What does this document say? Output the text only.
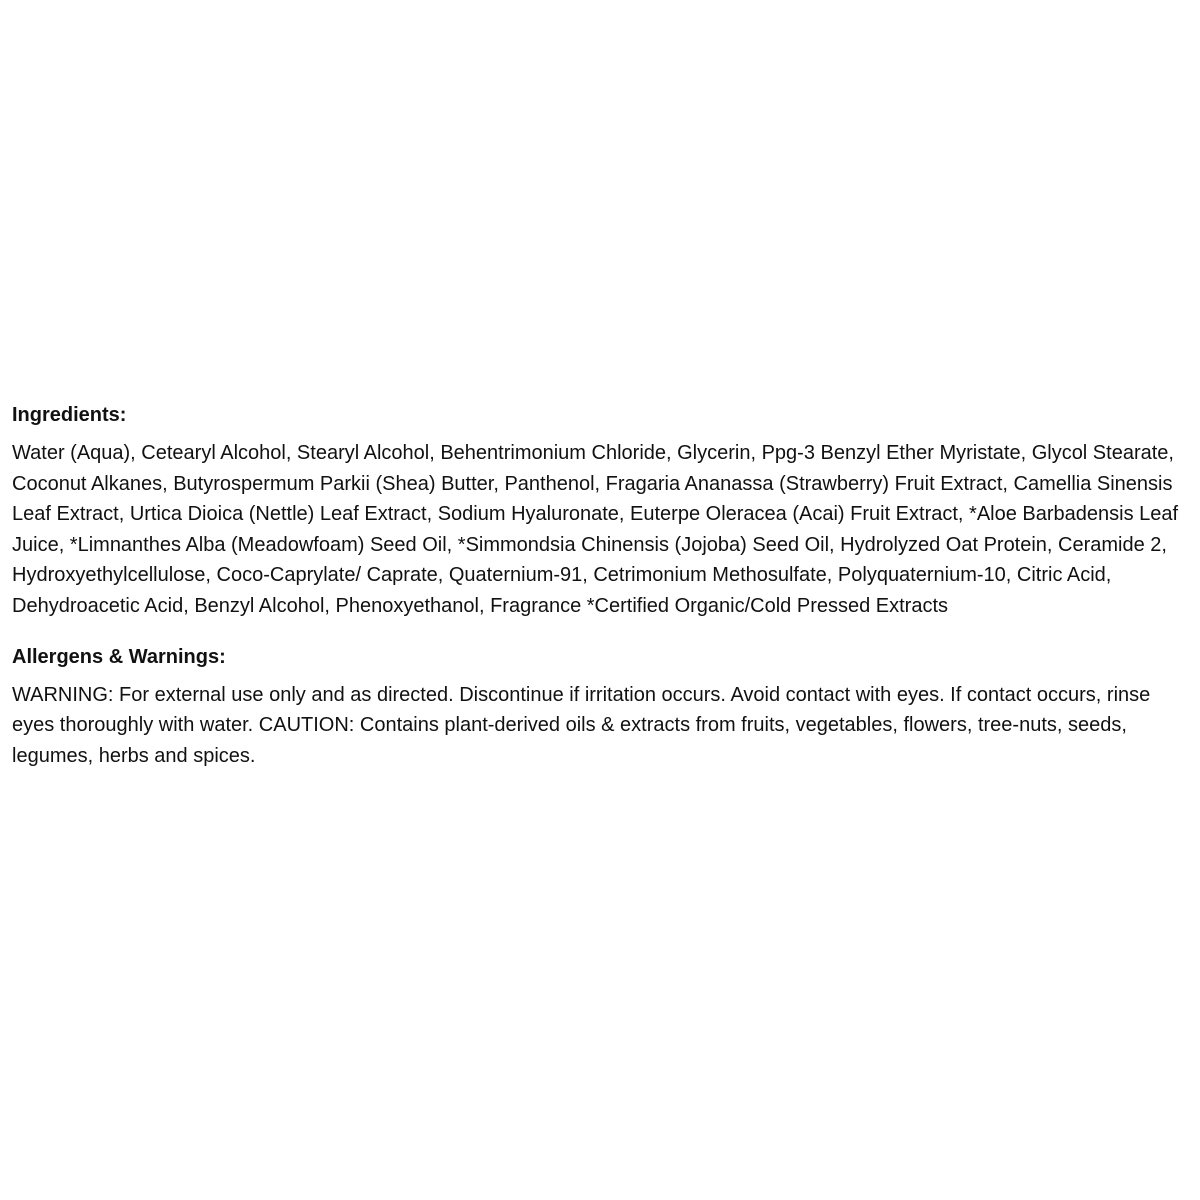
Ingredients:

Water (Aqua), Cetearyl Alcohol, Stearyl Alcohol, Behentrimonium Chloride, Glycerin, Ppg-3 Benzyl Ether Myristate, Glycol Stearate, Coconut Alkanes, Butyrospermum Parkii (Shea) Butter, Panthenol, Fragaria Ananassa (Strawberry) Fruit Extract, Camellia Sinensis Leaf Extract, Urtica Dioica (Nettle) Leaf Extract, Sodium Hyaluronate, Euterpe Oleracea (Acai) Fruit Extract, *Aloe Barbadensis Leaf Juice, *Limnanthes Alba (Meadowfoam) Seed Oil, *Simmondsia Chinensis (Jojoba) Seed Oil, Hydrolyzed Oat Protein, Ceramide 2, Hydroxyethylcellulose, Coco-Caprylate/ Caprate, Quaternium-91, Cetrimonium Methosulfate, Polyquaternium-10, Citric Acid, Dehydroacetic Acid, Benzyl Alcohol, Phenoxyethanol, Fragrance *Certified Organic/Cold Pressed Extracts

Allergens & Warnings:

WARNING: For external use only and as directed. Discontinue if irritation occurs. Avoid contact with eyes. If contact occurs, rinse eyes thoroughly with water. CAUTION: Contains plant-derived oils & extracts from fruits, vegetables, flowers, tree-nuts, seeds, legumes, herbs and spices.
